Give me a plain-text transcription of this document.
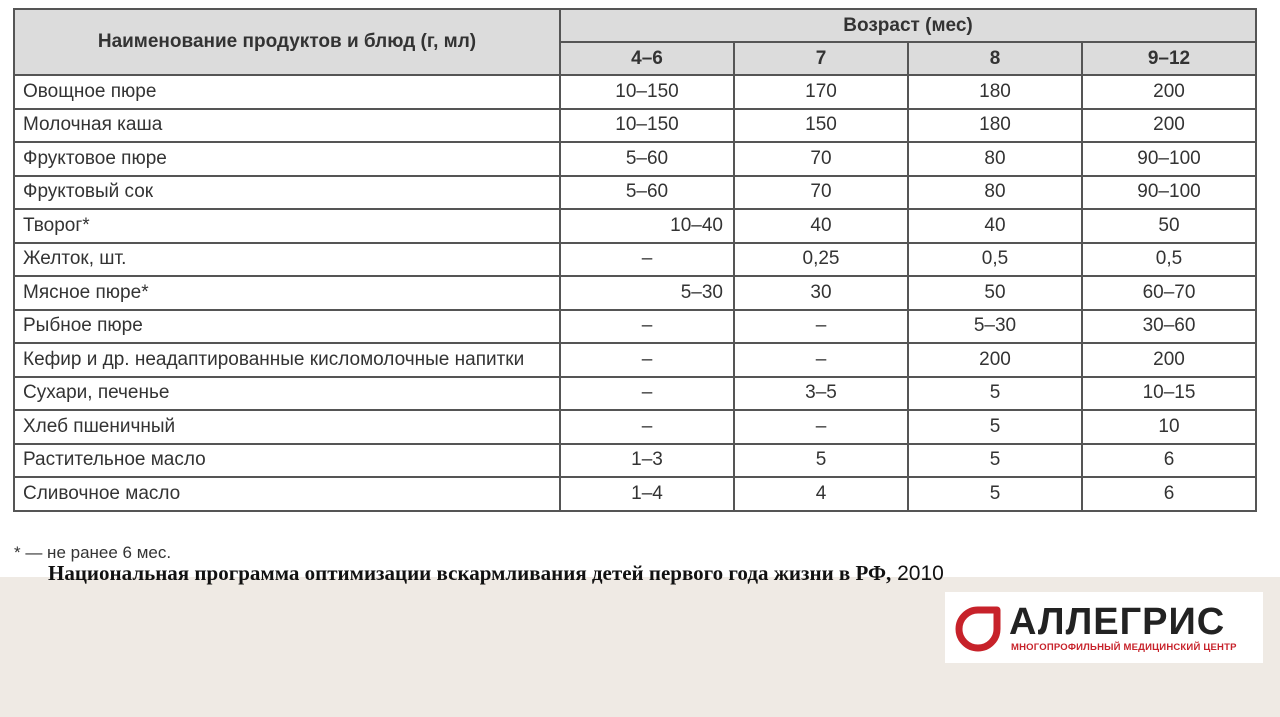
Наименование продуктов и блюд (г, мл)	Возраст (мес)			
	4–6	7	8	9–12
Овощное пюре	10–150	170	180	200
Молочная каша	10–150	150	180	200
Фруктовое пюре	5–60	70	80	90–100
Фруктовый сок	5–60	70	80	90–100
Творог*	10–40	40	40	50
Желток, шт.	–	0,25	0,5	0,5
Мясное пюре*	5–30	30	50	60–70
Рыбное пюре	–	–	5–30	30–60
Кефир и др. неадаптированные кисломолочные напитки	–	–	200	200
Сухари, печенье	–	3–5	5	10–15
Хлеб пшеничный	–	–	5	10
Растительное масло	1–3	5	5	6
Сливочное масло	1–4	4	5	6
* — не ранее 6 мес.
Национальная программа оптимизации вскармливания детей первого года жизни в РФ, 2010
АЛЛЕГРИС
МНОГОПРОФИЛЬНЫЙ МЕДИЦИНСКИЙ ЦЕНТР
